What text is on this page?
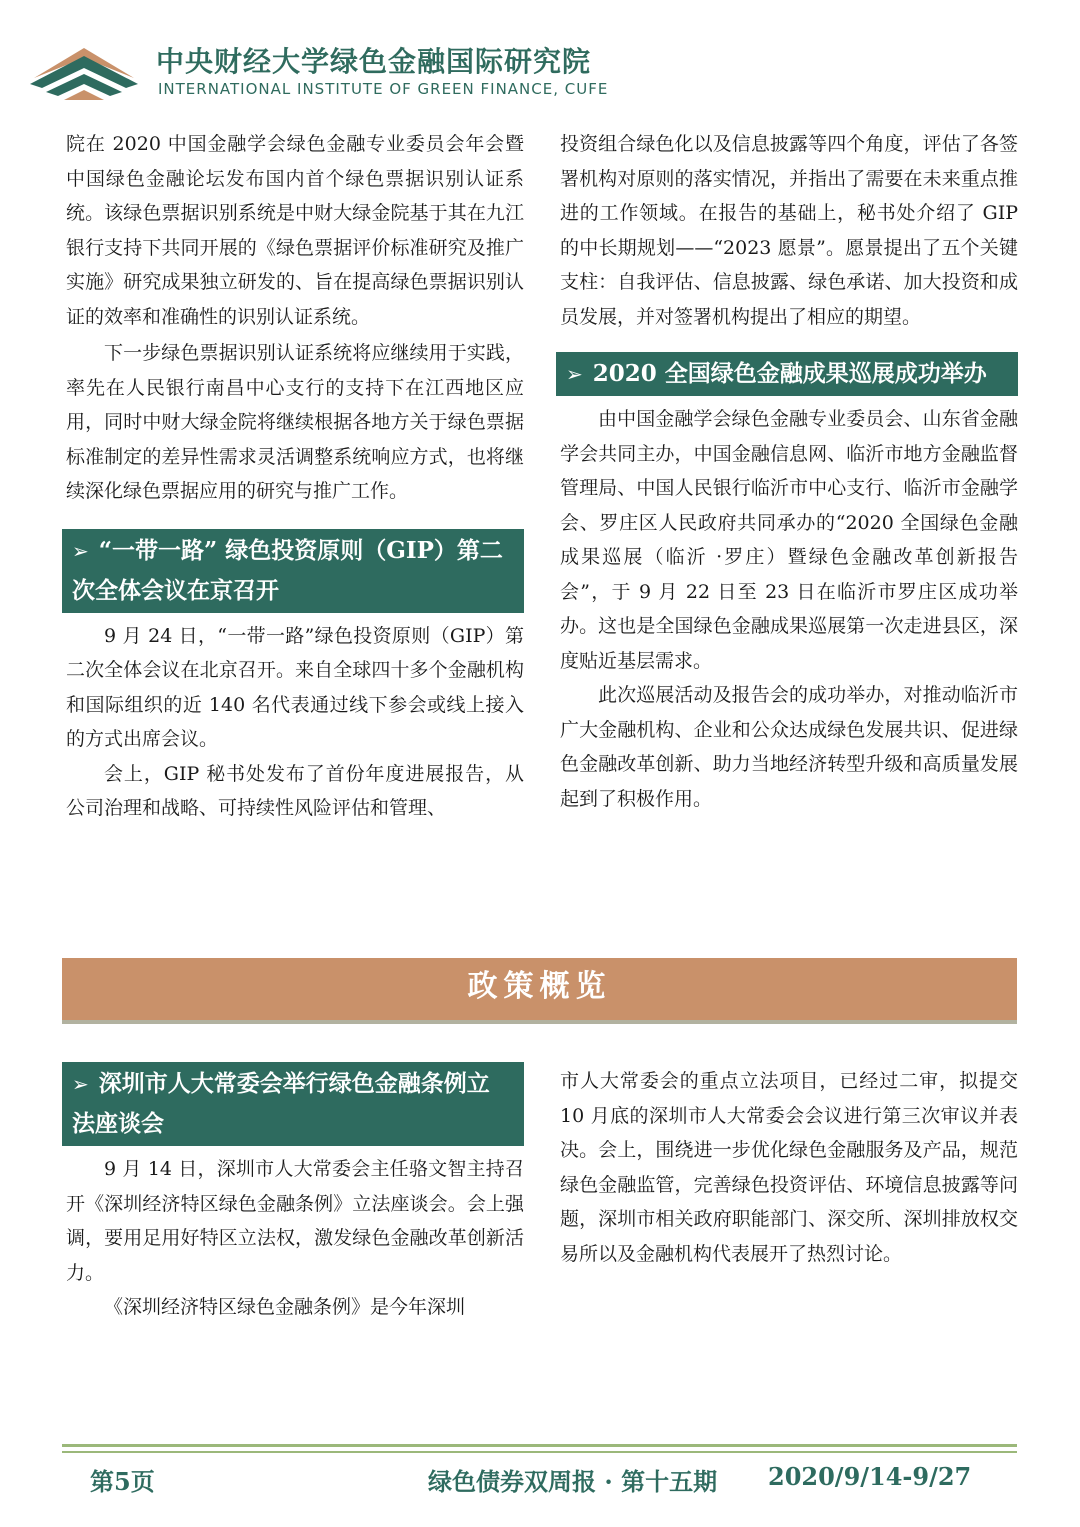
中央财经大学绿色金融国际研究院
INTERNATIONAL INSTITUTE OF GREEN FINANCE, CUFE

院在 2020 中国金融学会绿色金融专业委员会年会暨中国绿色金融论坛发布国内首个绿色票据识别认证系统。该绿色票据识别系统是中财大绿金院基于其在九江银行支持下共同开展的《绿色票据评价标准研究及推广实施》研究成果独立研发的、旨在提高绿色票据识别认证的效率和准确性的识别认证系统。

下一步绿色票据识别认证系统将应继续用于实践，率先在人民银行南昌中心支行的支持下在江西地区应用，同时中财大绿金院将继续根据各地方关于绿色票据标准制定的差异性需求灵活调整系统响应方式，也将继续深化绿色票据应用的研究与推广工作。

➢ “一带一路” 绿色投资原则（GIP）第二次全体会议在京召开

9 月 24 日，“一带一路”绿色投资原则（GIP）第二次全体会议在北京召开。来自全球四十多个金融机构和国际组织的近 140 名代表通过线下参会或线上接入的方式出席会议。

会上，GIP 秘书处发布了首份年度进展报告，从公司治理和战略、可持续性风险评估和管理、

投资组合绿色化以及信息披露等四个角度，评估了各签署机构对原则的落实情况，并指出了需要在未来重点推进的工作领域。在报告的基础上，秘书处介绍了 GIP 的中长期规划——“2023 愿景”。愿景提出了五个关键支柱：自我评估、信息披露、绿色承诺、加大投资和成员发展，并对签署机构提出了相应的期望。

➢ 2020 全国绿色金融成果巡展成功举办

由中国金融学会绿色金融专业委员会、山东省金融学会共同主办，中国金融信息网、临沂市地方金融监督管理局、中国人民银行临沂市中心支行、临沂市金融学会、罗庄区人民政府共同承办的“2020 全国绿色金融成果巡展（临沂 ·罗庄）暨绿色金融改革创新报告会”，于 9 月 22 日至 23 日在临沂市罗庄区成功举办。这也是全国绿色金融成果巡展第一次走进县区，深度贴近基层需求。

此次巡展活动及报告会的成功举办，对推动临沂市广大金融机构、企业和公众达成绿色发展共识、促进绿色金融改革创新、助力当地经济转型升级和高质量发展起到了积极作用。

政策概览
➢ 深圳市人大常委会举行绿色金融条例立法座谈会

9 月 14 日，深圳市人大常委会主任骆文智主持召开《深圳经济特区绿色金融条例》立法座谈会。会上强调，要用足用好特区立法权，激发绿色金融改革创新活力。

《深圳经济特区绿色金融条例》是今年深圳

市人大常委会的重点立法项目，已经过二审，拟提交 10 月底的深圳市人大常委会会议进行第三次审议并表决。会上，围绕进一步优化绿色金融服务及产品，规范绿色金融监管，完善绿色投资评估、环境信息披露等问题，深圳市相关政府职能部门、深交所、深圳排放权交易所以及金融机构代表展开了热烈讨论。

第5页	绿色债券双周报 · 第十五期 2020/9/14-9/27
